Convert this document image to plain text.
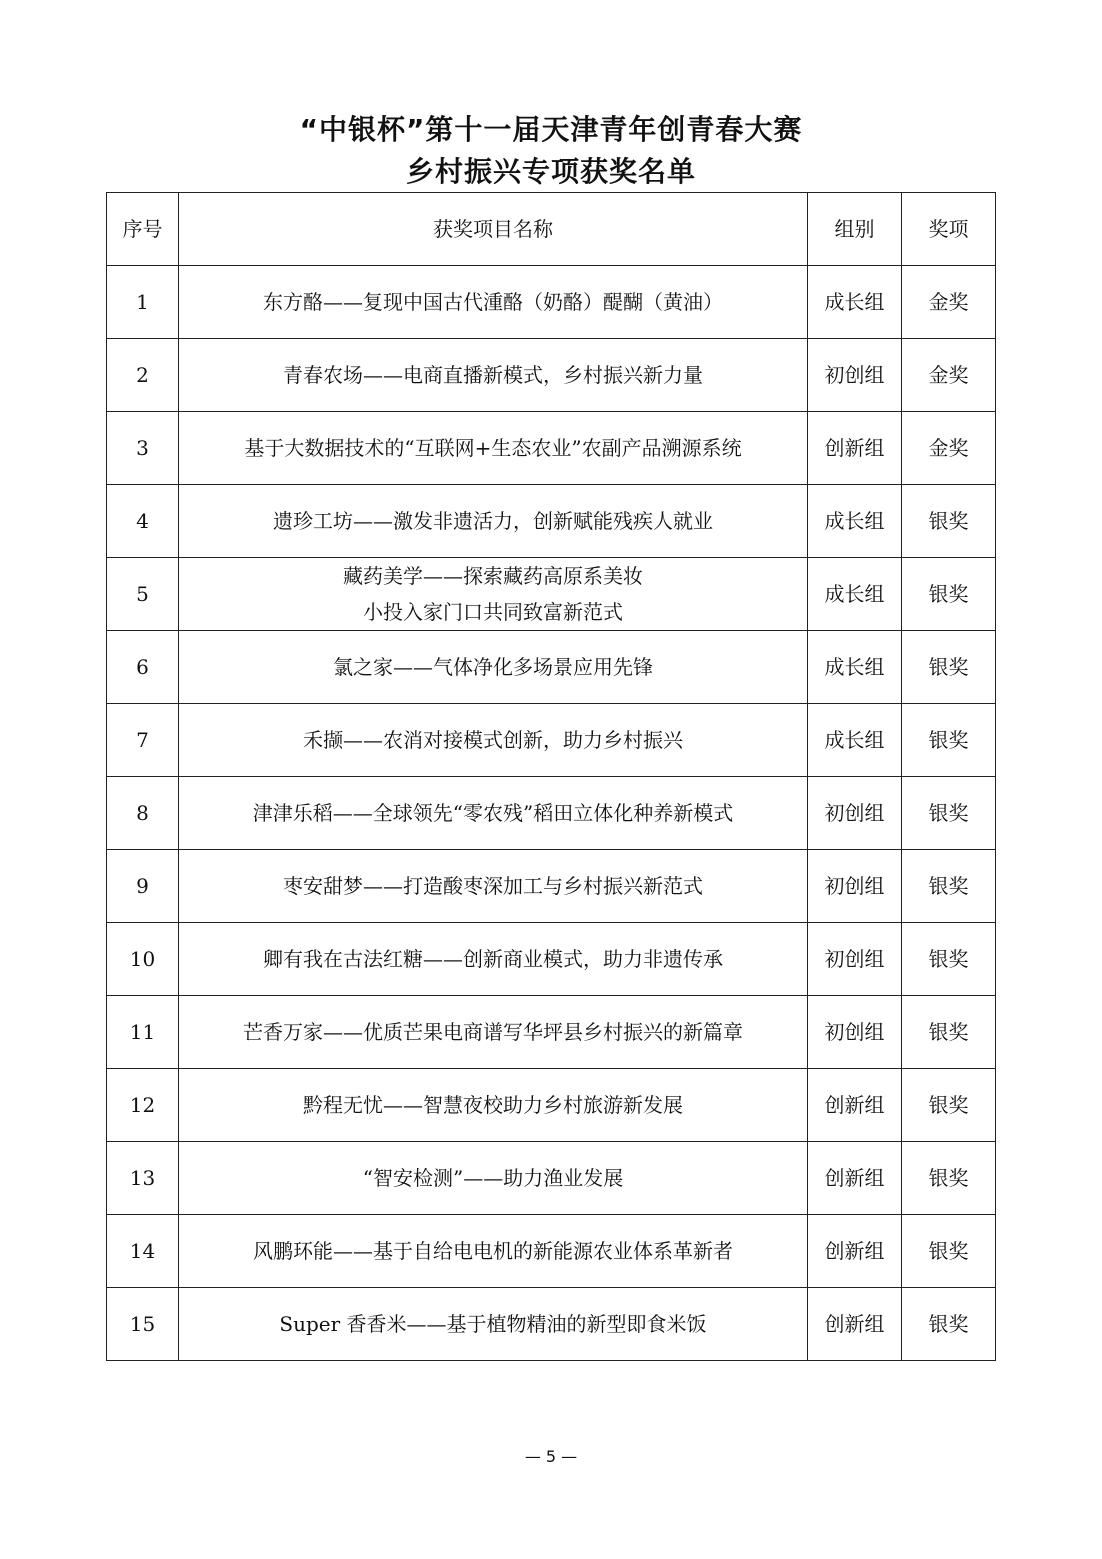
“中银杯”第十一届天津青年创青春大赛
乡村振兴专项获奖名单
序号	获奖项目名称	组别	奖项
1	东方酪——复现中国古代湩酪（奶酪）醍醐（黄油）	成长组	金奖
2	青春农场——电商直播新模式，乡村振兴新力量	初创组	金奖
3	基于大数据技术的“互联网+生态农业”农副产品溯源系统	创新组	金奖
4	遗珍工坊——激发非遗活力，创新赋能残疾人就业	成长组	银奖
5	藏药美学——探索藏药高原系美妆
小投入家门口共同致富新范式	成长组	银奖
6	氯之家——气体净化多场景应用先锋	成长组	银奖
7	禾撷——农消对接模式创新，助力乡村振兴	成长组	银奖
8	津津乐稻——全球领先“零农残”稻田立体化种养新模式	初创组	银奖
9	枣安甜梦——打造酸枣深加工与乡村振兴新范式	初创组	银奖
10	卿有我在古法红糖——创新商业模式，助力非遗传承	初创组	银奖
11	芒香万家——优质芒果电商谱写华坪县乡村振兴的新篇章	初创组	银奖
12	黔程无忧——智慧夜校助力乡村旅游新发展	创新组	银奖
13	“智安检测”——助力渔业发展	创新组	银奖
14	风鹏环能——基于自给电电机的新能源农业体系革新者	创新组	银奖
15	Super 香香米——基于植物精油的新型即食米饭	创新组	银奖
— 5 —
